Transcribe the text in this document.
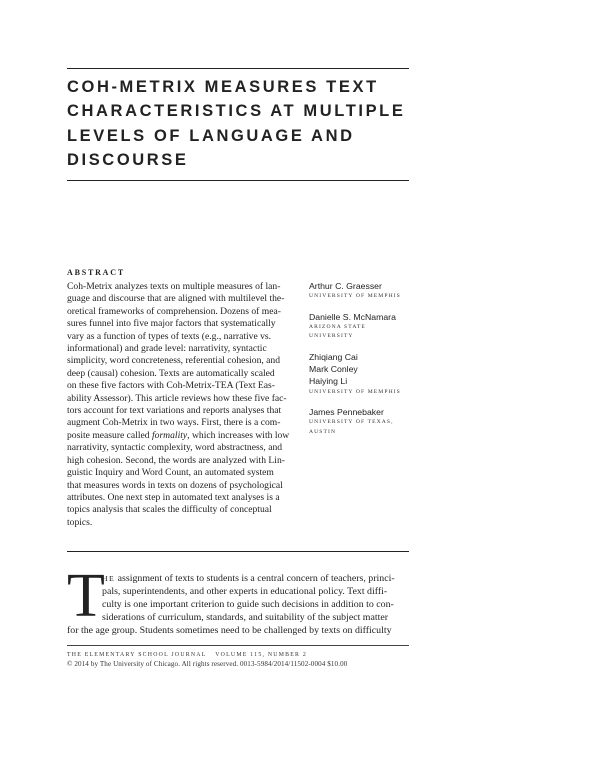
COH-METRIX MEASURES TEXT
CHARACTERISTICS AT MULTIPLE
LEVELS OF LANGUAGE AND
DISCOURSE
ABSTRACT
Coh-Metrix analyzes texts on multiple measures of lan-
guage and discourse that are aligned with multilevel the-
oretical frameworks of comprehension. Dozens of mea-
sures funnel into five major factors that systematically
vary as a function of types of texts (e.g., narrative vs.
informational) and grade level: narrativity, syntactic
simplicity, word concreteness, referential cohesion, and
deep (causal) cohesion. Texts are automatically scaled
on these five factors with Coh-Metrix-TEA (Text Eas-
ability Assessor). This article reviews how these five fac-
tors account for text variations and reports analyses that
augment Coh-Metrix in two ways. First, there is a com-
posite measure called formality, which increases with low
narrativity, syntactic complexity, word abstractness, and
high cohesion. Second, the words are analyzed with Lin-
guistic Inquiry and Word Count, an automated system
that measures words in texts on dozens of psychological
attributes. One next step in automated text analyses is a
topics analysis that scales the difficulty of conceptual
topics.
Arthur C. Graesser
UNIVERSITY OF MEMPHIS
Danielle S. McNamara
ARIZONA STATE
UNIVERSITY
Zhiqiang Cai
Mark Conley
Haiying Li
UNIVERSITY OF MEMPHIS
James Pennebaker
UNIVERSITY OF TEXAS,
AUSTIN
T
HE assignment of texts to students is a central concern of teachers, princi-
pals, superintendents, and other experts in educational policy. Text diffi-
culty is one important criterion to guide such decisions in addition to con-
siderations of curriculum, standards, and suitability of the subject matter
for the age group. Students sometimes need to be challenged by texts on difficulty
THE ELEMENTARY SCHOOL JOURNAL VOLUME 115, NUMBER 2
© 2014 by The University of Chicago. All rights reserved. 0013-5984/2014/11502-0004 $10.00
